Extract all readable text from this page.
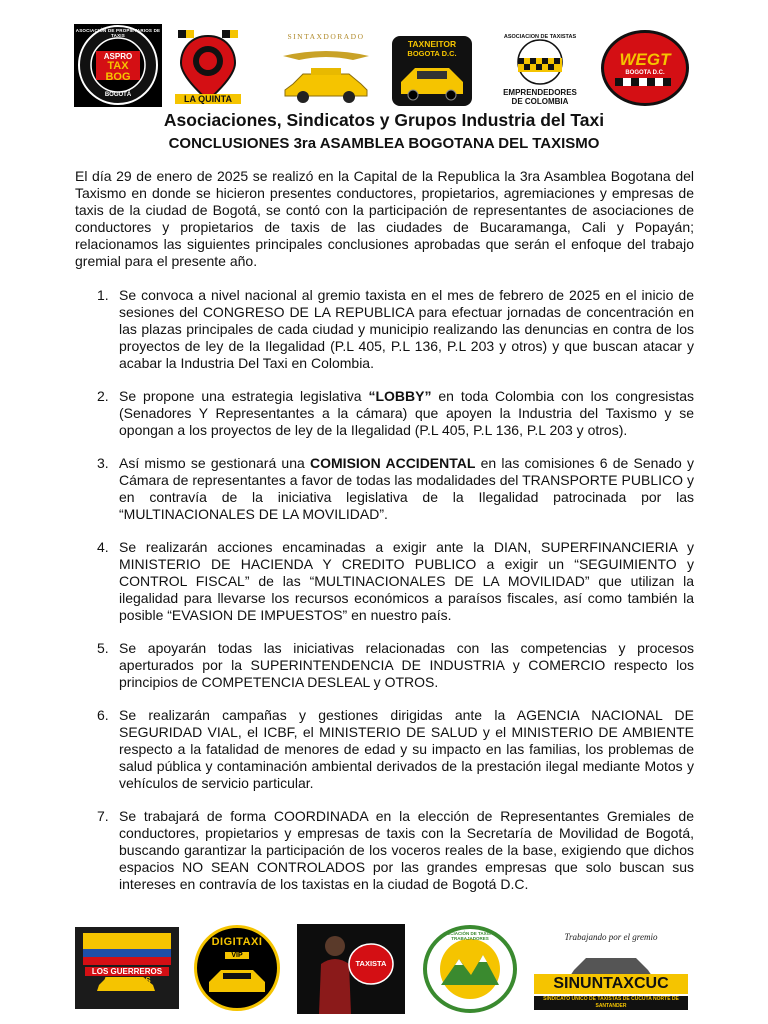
ASPRO
TAX
BOG
BOGOTÁ
ASOCIACIÓN DE PROPIETARIOS DE TAXIS
LA QUINTA
SINTAXDORADO
TAXNEITOR
BOGOTA D.C.
ASOCIACIÓN DE TAXISTAS
EMPRENDEDORES
DE COLOMBIA
WEGT
BOGOTA D.C.
Asociaciones, Sindicatos y Grupos Industria del Taxi
CONCLUSIONES 3ra ASAMBLEA BOGOTANA DEL TAXISMO

El día 29 de enero de 2025 se realizó en la Capital de la Republica la 3ra Asamblea Bogotana del Taxismo en donde se hicieron presentes conductores, propietarios, agremiaciones y empresas de taxis de la ciudad de Bogotá, se contó con la participación de representantes de asociaciones de conductores y propietarios de taxis de las ciudades de Bucaramanga, Cali y Popayán; relacionamos las siguientes principales conclusiones aprobadas que serán el enfoque del trabajo gremial para el presente año.

1. Se convoca a nivel nacional al gremio taxista en el mes de febrero de 2025 en el inicio de sesiones del CONGRESO DE LA REPUBLICA para efectuar jornadas de concentración en las plazas principales de cada ciudad y municipio realizando las denuncias en contra de los proyectos de ley de la Ilegalidad (P.L 405, P.L 136, P.L 203 y otros) y que buscan atacar y acabar la Industria Del Taxi en Colombia.
2. Se propone una estrategia legislativa “LOBBY” en toda Colombia con los congresistas (Senadores Y Representantes a la cámara) que apoyen la Industria del Taxismo y se opongan a los proyectos de ley de la Ilegalidad (P.L 405, P.L 136, P.L 203 y otros).
3. Así mismo se gestionará una COMISION ACCIDENTAL en las comisiones 6 de Senado y Cámara de representantes a favor de todas las modalidades del TRANSPORTE PUBLICO y en contravía de la iniciativa legislativa de la Ilegalidad patrocinada por las “MULTINACIONALES DE LA MOVILIDAD”.
4. Se realizarán acciones encaminadas a exigir ante la DIAN, SUPERFINANCIERIA y MINISTERIO DE HACIENDA Y CREDITO PUBLICO a exigir un “SEGUIMIENTO y CONTROL FISCAL” de las “MULTINACIONALES DE LA MOVILIDAD” que utilizan la ilegalidad para llevarse los recursos económicos a paraísos fiscales, así como también la posible “EVASION DE IMPUESTOS” en nuestro país.
5. Se apoyarán todas las iniciativas relacionadas con las competencias y procesos aperturados por la SUPERINTENDENCIA DE INDUSTRIA y COMERCIO respecto los principios de COMPETENCIA DESLEAL y OTROS.
6. Se realizarán campañas y gestiones dirigidas ante la AGENCIA NACIONAL DE SEGURIDAD VIAL, el ICBF, el MINISTERIO DE SALUD y el MINISTERIO DE AMBIENTE respecto a la fatalidad de menores de edad y su impacto en las familias, los problemas de salud pública y contaminación ambiental derivados de la prestación ilegal mediante Motos y vehículos de servicio particular.
7. Se trabajará de forma COORDINADA en la elección de Representantes Gremiales de conductores, propietarios y empresas de taxis con la Secretaría de Movilidad de Bogotá, buscando garantizar la participación de los voceros reales de la base, exigiendo que dichos espacios NO SEAN CONTROLADOS por las grandes empresas que solo buscan sus intereses en contravía de los taxistas en la ciudad de Bogotá D.C.
LOS GUERREROS
AMARILLOS
DIGITAXI
VIP
TAXISTA
ASOCIACIÓN DE TAXISTAS TRABAJADORES	Trabajando por el gremio
SINUNTAXCUC
SINDICATO ÚNICO DE TAXISTAS DE CÚCUTA NORTE DE SANTANDER
